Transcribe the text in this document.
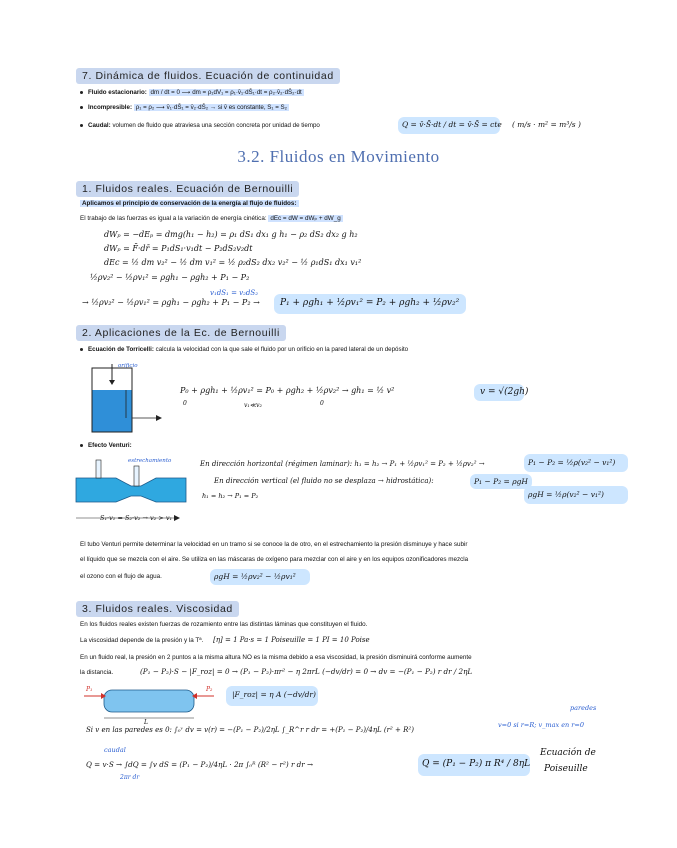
7. Dinámica de fluidos. Ecuación de continuidad
Fluido estacionario: dm / dt = 0 ⟶ dm = ρ₁dV₁ = ρ₁·v̄₁·dS̄₁·dt = ρ₂·v̄₂·dS̄₂·dt
Incompresible: ρ₁ = ρ₂ ⟶ v̄₁·dS̄₁ = v̄₂·dS̄₂ → si v̄ es constante, S₁ = S₂
Caudal: volumen de fluido que atraviesa una sección concreta por unidad de tiempo	Q = v̄·S̄·dt / dt = v̄·S̄ = cte ( m/s · m² = m³/s )
3.2. Fluidos en Movimiento
1. Fluidos reales. Ecuación de Bernouilli
Aplicamos el principio de conservación de la energía al flujo de fluidos:
El trabajo de las fuerzas es igual a la variación de energía cinética: dEc = dW = dWₚ + dW_g
dWₚ = −dEₚ = dmg(h₁ − h₂) = ρ₁ dS₁ dx₁ g h₁ − ρ₂ dS₂ dx₂ g h₂
dWₚ = F̄·dr̄ = P₁dS₁·v₁dt − P₂dS₂v₂dt
dEc = ½ dm v₂² − ½ dm v₁² = ½ ρ₂dS₂ dx₂ v₂² − ½ ρ₁dS₁ dx₁ v₁²
½ρv₂² − ½ρv₁² = ρgh₁ − ρgh₂ + P₁ − P₂
v₁dS₁ = v₂dS₂
→ ½ρv₂² − ½ρv₁² = ρgh₁ − ρgh₂ + P₁ − P₂ → P₁ + ρgh₁ + ½ρv₁² = P₂ + ρgh₂ + ½ρv₂²
2. Aplicaciones de la Ec. de Bernouilli
Ecuación de Torricelli: calcula la velocidad con la que sale el fluido por un orificio en la pared lateral de un depósito
orificio
P₀ + ρgh₁ + ½ρv₁² = P₀ + ρgh₂ + ½ρv₂² → gh₁ = ½ v²
0	0
v₁≪v₂
v = √(2gh)
Efecto Venturi:
estrechamiento
h₁ = h₂ → P₁ = P₂
S₁·v₁ = S₂·v₂ → v₂ > v₁
En dirección horizontal (régimen laminar): h₁ = h₂ → P₁ + ½ρv₁² = P₂ + ½ρv₂² →	P₁ − P₂ = ½ρ(v₂² − v₁²)
En dirección vertical (el fluido no se desplaza → hidrostática):	P₁ − P₂ = ρgH
ρgH = ½ρ(v₂² − v₁²)
El tubo Venturi permite determinar la velocidad en un tramo si se conoce la de otro, en el estrechamiento la presión disminuye y hace subir
el líquido que se mezcla con el aire. Se utiliza en las máscaras de oxígeno para mezclar con el aire y en los equipos ozonificadores mezcla
el ozono con el flujo de agua.	ρgH = ½ρv₂² − ½ρv₁²
3. Fluidos reales. Viscosidad
En los fluidos reales existen fuerzas de rozamiento entre las distintas láminas que constituyen el fluido.
La viscosidad depende de la presión y la Tª. [η] = 1 Pa·s = 1 Poiseuille = 1 PI = 10 Poise
En un fluido real, la presión en 2 puntos a la misma altura NO es la misma debido a esa viscosidad, la presión disminuirá conforme aumente
la distancia.	(P₁ − P₂)·S − |F_roz| = 0 → (P₁ − P₂)·πr² − η 2πrL (−dv/dr) = 0 → dv = −(P₁ − P₂) r dr / 2ηL
P₁	P₂
L
|F_roz| = η A (−dv/dr)
Si v en las paredes es 0: ∫₀ᵛ dv = v(r) = −(P₁ − P₂)/2ηL ∫_R^r r dr = +(P₁ − P₂)/4ηL (r² + R²)
v=0 si r=R; v_max en r=0
paredes
caudal
Q = v·S → ∫dQ = ∫v dS = (P₁ − P₂)/4ηL · 2π ∫₀ᴿ (R² − r²) r dr →
2πr dr
Q = (P₁ − P₂) π R⁴ / 8ηL
Ecuación de
Poiseuille
